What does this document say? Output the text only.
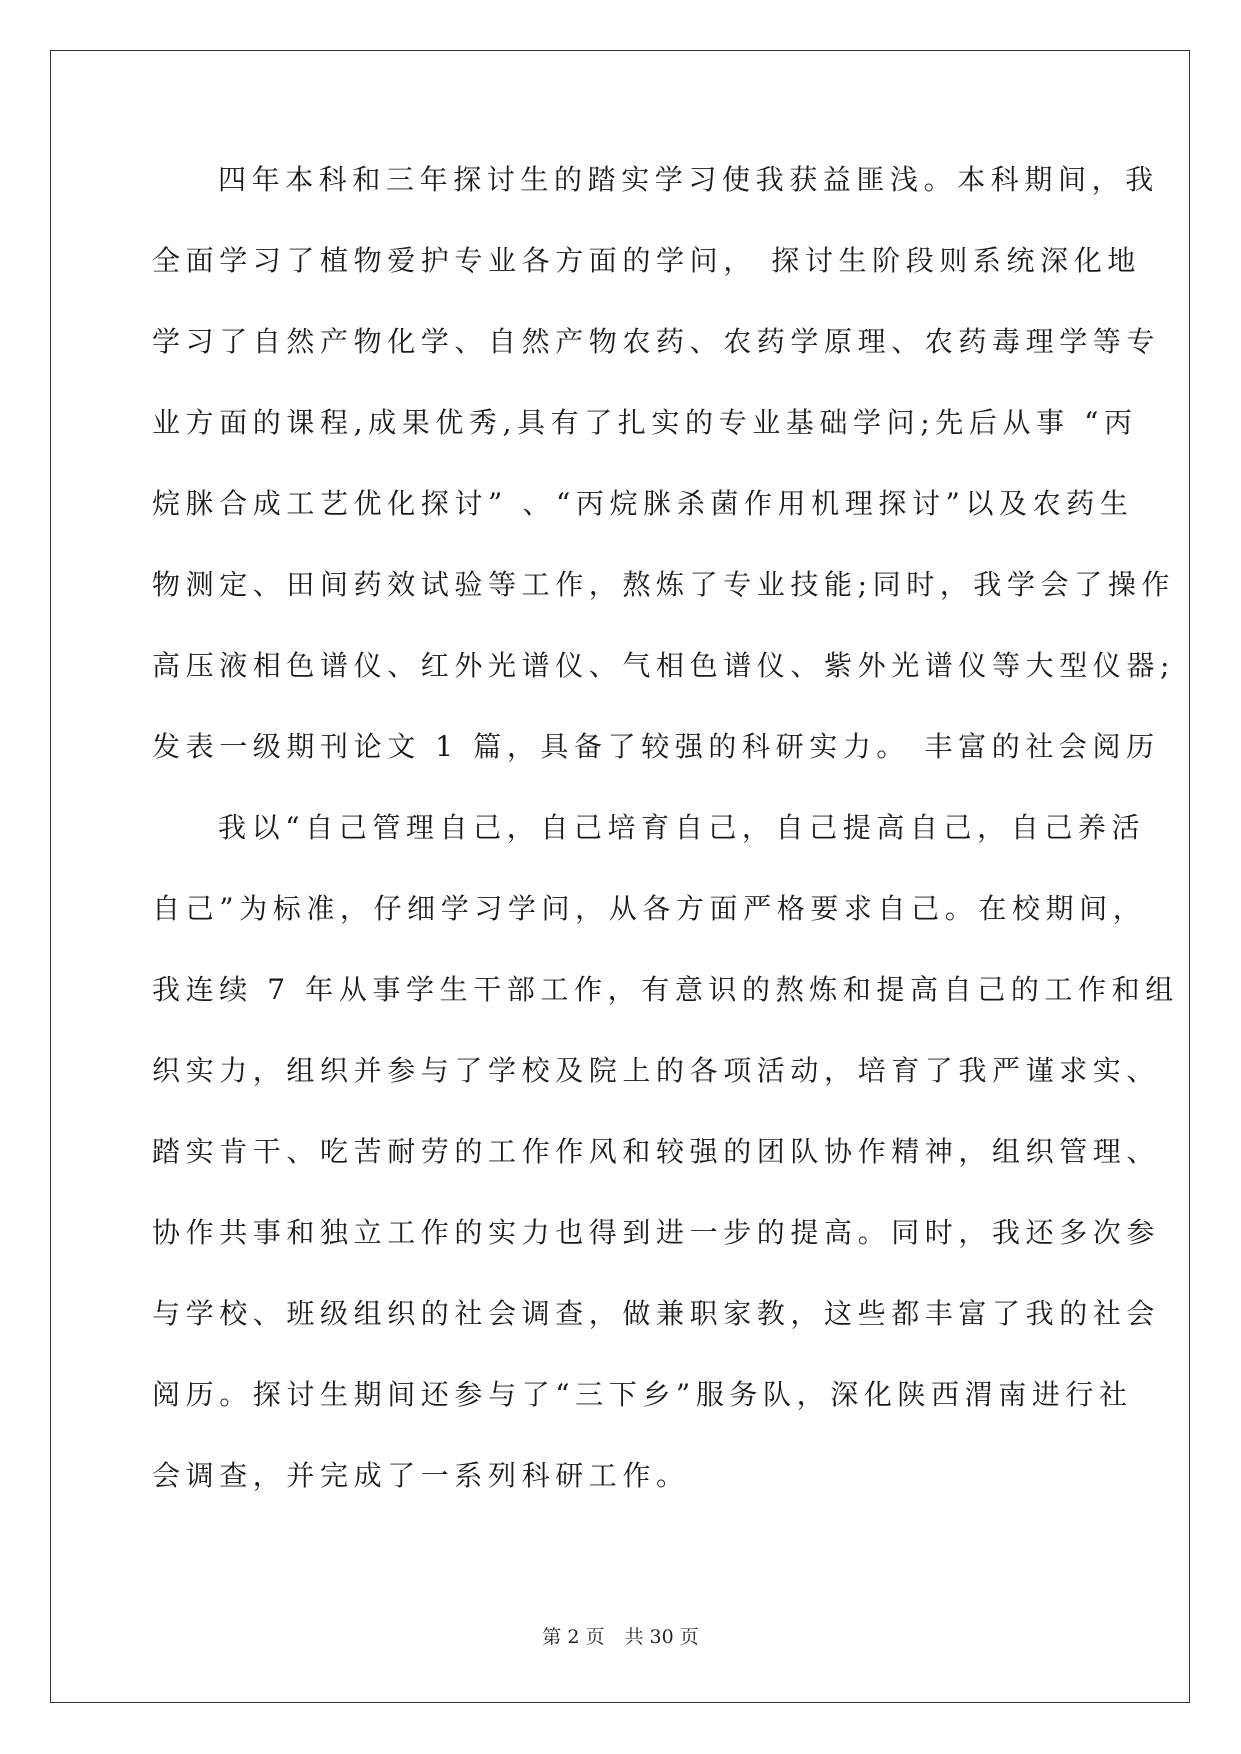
四年本科和三年探讨生的踏实学习使我获益匪浅。本科期间，我
全面学习了植物爱护专业各方面的学问， 探讨生阶段则系统深化地
学习了自然产物化学、自然产物农药、农药学原理、农药毒理学等专
业方面的课程,成果优秀,具有了扎实的专业基础学问;先后从事 “丙
烷脒合成工艺优化探讨” 、“丙烷脒杀菌作用机理探讨”以及农药生
物测定、田间药效试验等工作，熬炼了专业技能;同时，我学会了操作
高压液相色谱仪、红外光谱仪、气相色谱仪、紫外光谱仪等大型仪器;
发表一级期刊论文 1 篇，具备了较强的科研实力。 丰富的社会阅历
我以“自己管理自己，自己培育自己，自己提高自己，自己养活
自己”为标准，仔细学习学问，从各方面严格要求自己。在校期间，
我连续 7 年从事学生干部工作，有意识的熬炼和提高自己的工作和组
织实力，组织并参与了学校及院上的各项活动，培育了我严谨求实、
踏实肯干、吃苦耐劳的工作作风和较强的团队协作精神，组织管理、
协作共事和独立工作的实力也得到进一步的提高。同时，我还多次参
与学校、班级组织的社会调查，做兼职家教，这些都丰富了我的社会
阅历。探讨生期间还参与了“三下乡”服务队，深化陕西渭南进行社
会调查，并完成了一系列科研工作。
第 2 页 共 30 页
